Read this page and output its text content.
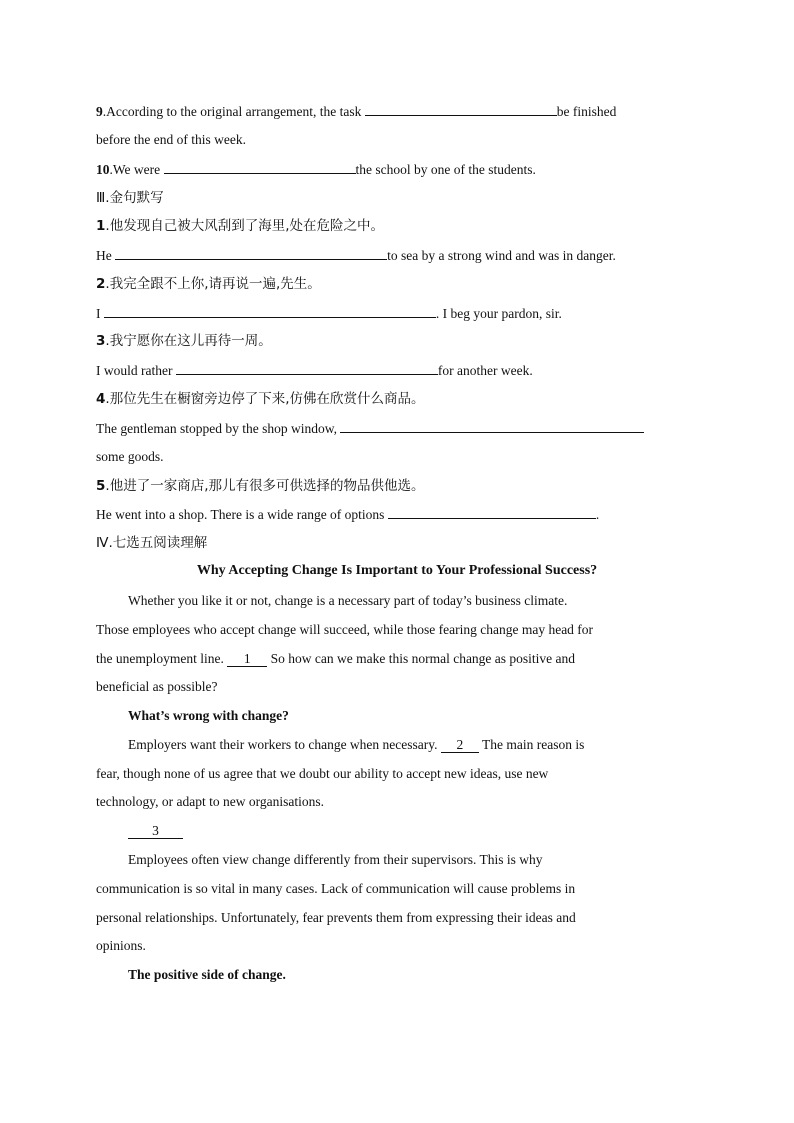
9.According to the original arrangement, the task	be finished
before the end of this week.
10.We were	the school by one of the students.
Ⅲ.金句默写
1.他发现自己被大风刮到了海里,处在危险之中。
He	to sea by a strong wind and was in danger.
2.我完全跟不上你,请再说一遍,先生。
I	. I beg your pardon, sir.
3.我宁愿你在这儿再待一周。
I would rather	for another week.
4.那位先生在橱窗旁边停了下来,仿佛在欣赏什么商品。
The gentleman stopped by the shop window,
some goods.
5.他进了一家商店,那儿有很多可供选择的物品供他选。
He went into a shop. There is a wide range of options	.
Ⅳ.七选五阅读理解
Why Accepting Change Is Important to Your Professional Success?
Whether you like it or not, change is a necessary part of today’s business climate.
Those employees who accept change will succeed, while those fearing change may head for
the unemployment line. 1 So how can we make this normal change as positive and
beneficial as possible?
What’s wrong with change?
Employers want their workers to change when necessary. 2 The main reason is
fear, though none of us agree that we doubt our ability to accept new ideas, use new
technology, or adapt to new organisations.
3
Employees often view change differently from their supervisors. This is why
communication is so vital in many cases. Lack of communication will cause problems in
personal relationships. Unfortunately, fear prevents them from expressing their ideas and
opinions.
The positive side of change.
